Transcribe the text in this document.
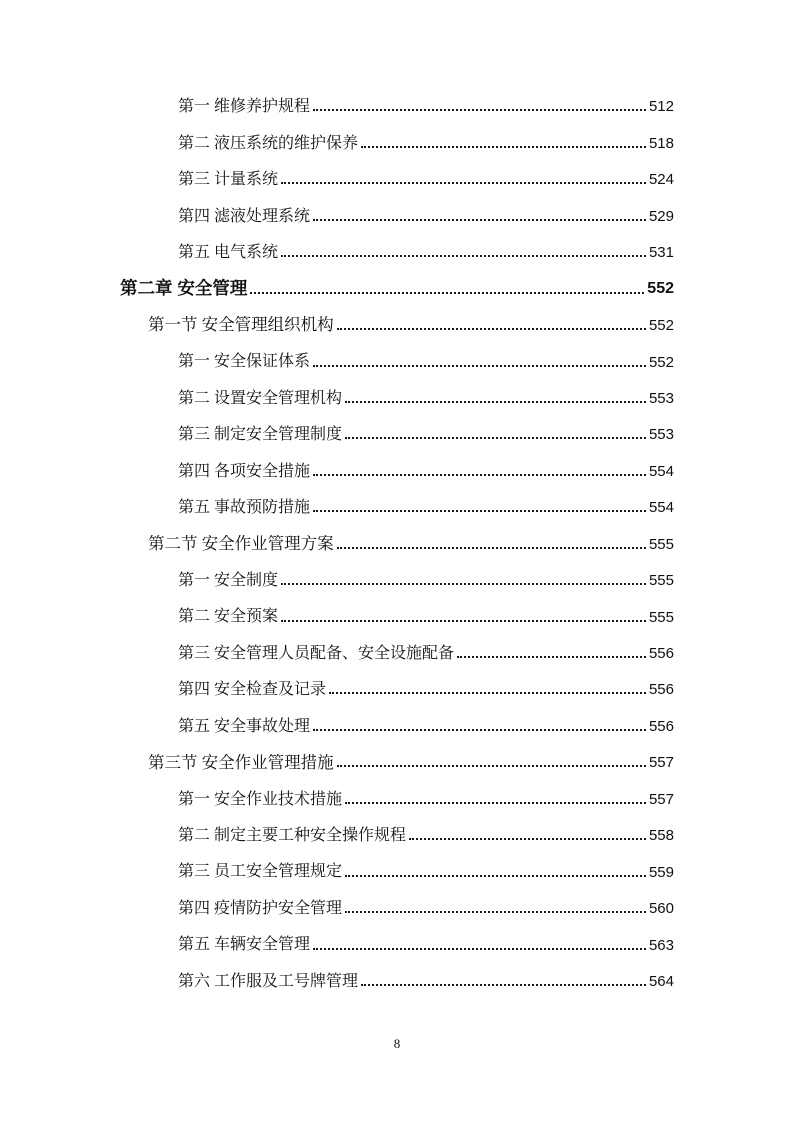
第一 维修养护规程	512
第二 液压系统的维护保养	518
第三 计量系统	524
第四 滤液处理系统	529
第五 电气系统	531
第二章 安全管理	552
第一节 安全管理组织机构	552
第一 安全保证体系	552
第二 设置安全管理机构	553
第三 制定安全管理制度	553
第四 各项安全措施	554
第五 事故预防措施	554
第二节 安全作业管理方案	555
第一 安全制度	555
第二 安全预案	555
第三 安全管理人员配备、安全设施配备	556
第四 安全检查及记录	556
第五 安全事故处理	556
第三节 安全作业管理措施	557
第一 安全作业技术措施	557
第二 制定主要工种安全操作规程	558
第三 员工安全管理规定	559
第四 疫情防护安全管理	560
第五 车辆安全管理	563
第六 工作服及工号牌管理	564
8
